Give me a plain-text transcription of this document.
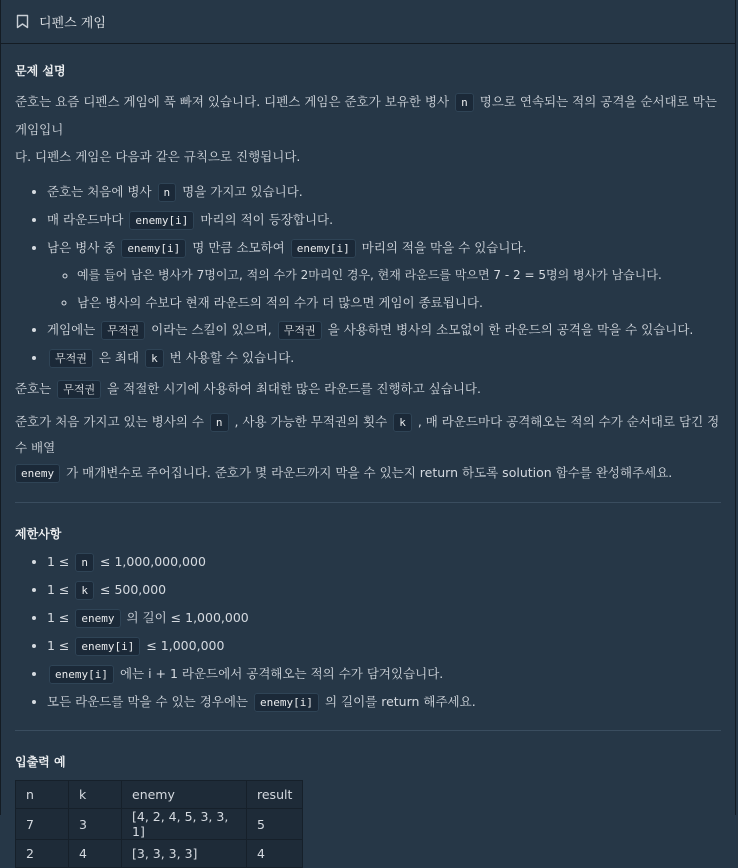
디펜스 게임
문제 설명

준호는 요즘 디펜스 게임에 푹 빠져 있습니다. 디펜스 게임은 준호가 보유한 병사 n 명으로 연속되는 적의 공격을 순서대로 막는 게임입니
다. 디펜스 게임은 다음과 같은 규칙으로 진행됩니다.

• 준호는 처음에 병사 n 명을 가지고 있습니다.
• 매 라운드마다 enemy[i] 마리의 적이 등장합니다.
• 남은 병사 중 enemy[i] 명 만큼 소모하여 enemy[i] 마리의 적을 막을 수 있습니다.
◦ 예를 들어 남은 병사가 7명이고, 적의 수가 2마리인 경우, 현재 라운드를 막으면 7 - 2 = 5명의 병사가 남습니다.
◦ 남은 병사의 수보다 현재 라운드의 적의 수가 더 많으면 게임이 종료됩니다.
• 게임에는 무적권 이라는 스킬이 있으며, 무적권 을 사용하면 병사의 소모없이 한 라운드의 공격을 막을 수 있습니다.
• 무적권 은 최대 k 번 사용할 수 있습니다.

준호는 무적권 을 적절한 시기에 사용하여 최대한 많은 라운드를 진행하고 싶습니다.

준호가 처음 가지고 있는 병사의 수 n , 사용 가능한 무적권의 횟수 k , 매 라운드마다 공격해오는 적의 수가 순서대로 담긴 정수 배열
enemy 가 매개변수로 주어집니다. 준호가 몇 라운드까지 막을 수 있는지 return 하도록 solution 함수를 완성해주세요.

제한사항
• 1 ≤ n ≤ 1,000,000,000
• 1 ≤ k ≤ 500,000
• 1 ≤ enemy 의 길이 ≤ 1,000,000
• 1 ≤ enemy[i] ≤ 1,000,000
• enemy[i] 에는 i + 1 라운드에서 공격해오는 적의 수가 담겨있습니다.
• 모든 라운드를 막을 수 있는 경우에는 enemy[i] 의 길이를 return 해주세요.
입출력 예
n	k	enemy	result
7	3	[4, 2, 4, 5, 3, 3, 1]	5
2	4	[3, 3, 3, 3]	4
